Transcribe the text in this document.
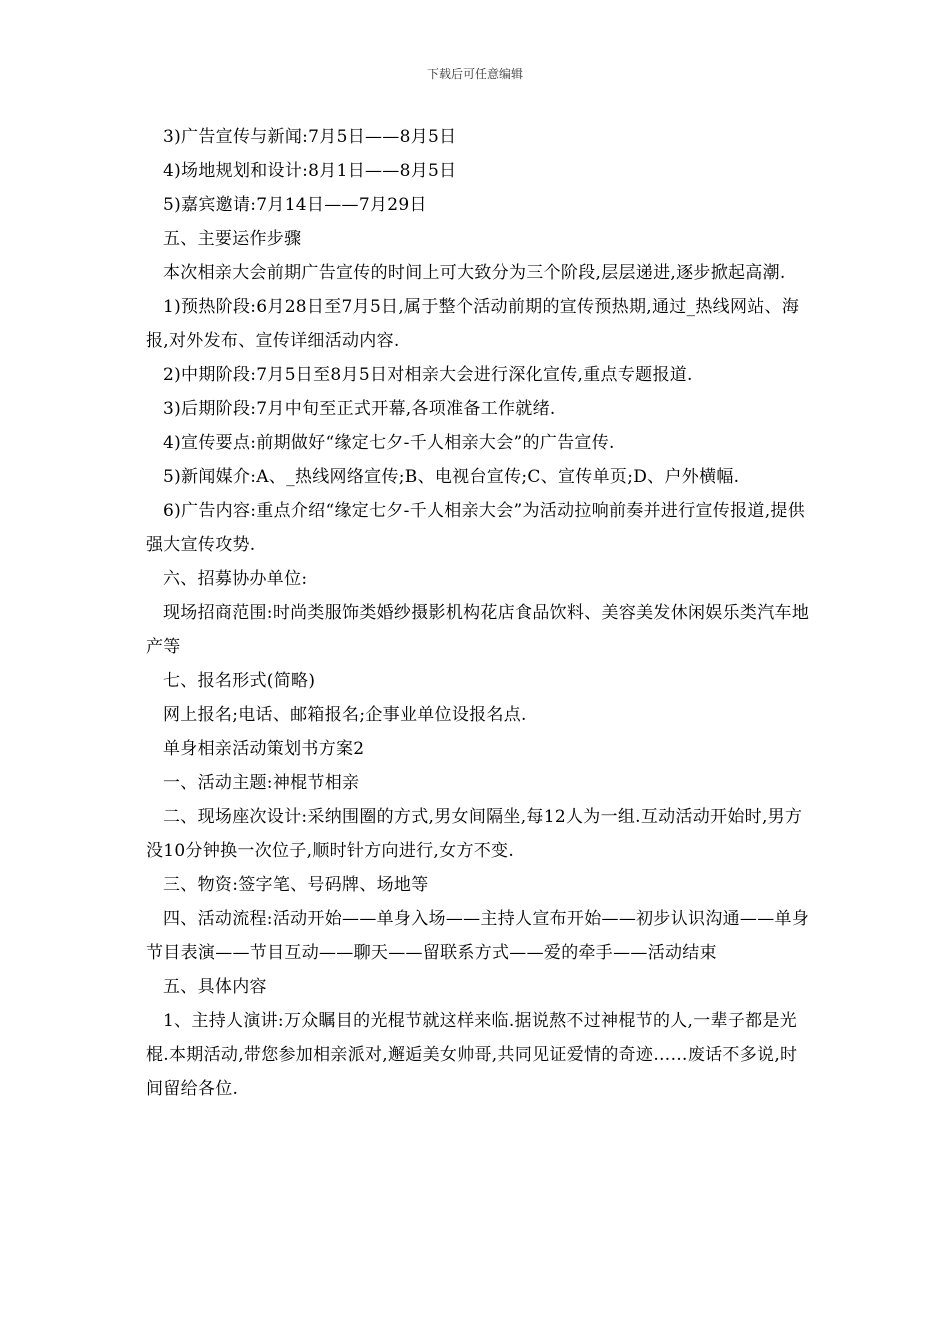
下载后可任意编辑

3)广告宣传与新闻:7月5日——8月5日

4)场地规划和设计:8月1日——8月5日

5)嘉宾邀请:7月14日——7月29日

五、主要运作步骤

本次相亲大会前期广告宣传的时间上可大致分为三个阶段,层层递进,逐步掀起高潮.

1)预热阶段:6月28日至7月5日,属于整个活动前期的宣传预热期,通过_热线网站、海报,对外发布、宣传详细活动内容.

2)中期阶段:7月5日至8月5日对相亲大会进行深化宣传,重点专题报道.

3)后期阶段:7月中旬至正式开幕,各项准备工作就绪.

4)宣传要点:前期做好“缘定七夕-千人相亲大会”的广告宣传.

5)新闻媒介:A、_热线网络宣传;B、电视台宣传;C、宣传单页;D、户外横幅.

6)广告内容:重点介绍“缘定七夕-千人相亲大会”为活动拉响前奏并进行宣传报道,提供强大宣传攻势.

六、招募协办单位:

现场招商范围:时尚类服饰类婚纱摄影机构花店食品饮料、美容美发休闲娱乐类汽车地产等

七、报名形式(简略)

网上报名;电话、邮箱报名;企事业单位设报名点.

单身相亲活动策划书方案2

一、活动主题:神棍节相亲

二、现场座次设计:采纳围圈的方式,男女间隔坐,每12人为一组.互动活动开始时,男方没10分钟换一次位子,顺时针方向进行,女方不变.

三、物资:签字笔、号码牌、场地等

四、活动流程:活动开始——单身入场——主持人宣布开始——初步认识沟通——单身节目表演——节目互动——聊天——留联系方式——爱的牵手——活动结束

五、具体内容

1、主持人演讲:万众瞩目的光棍节就这样来临.据说熬不过神棍节的人,一辈子都是光棍.本期活动,带您参加相亲派对,邂逅美女帅哥,共同见证爱情的奇迹……废话不多说,时间留给各位.
